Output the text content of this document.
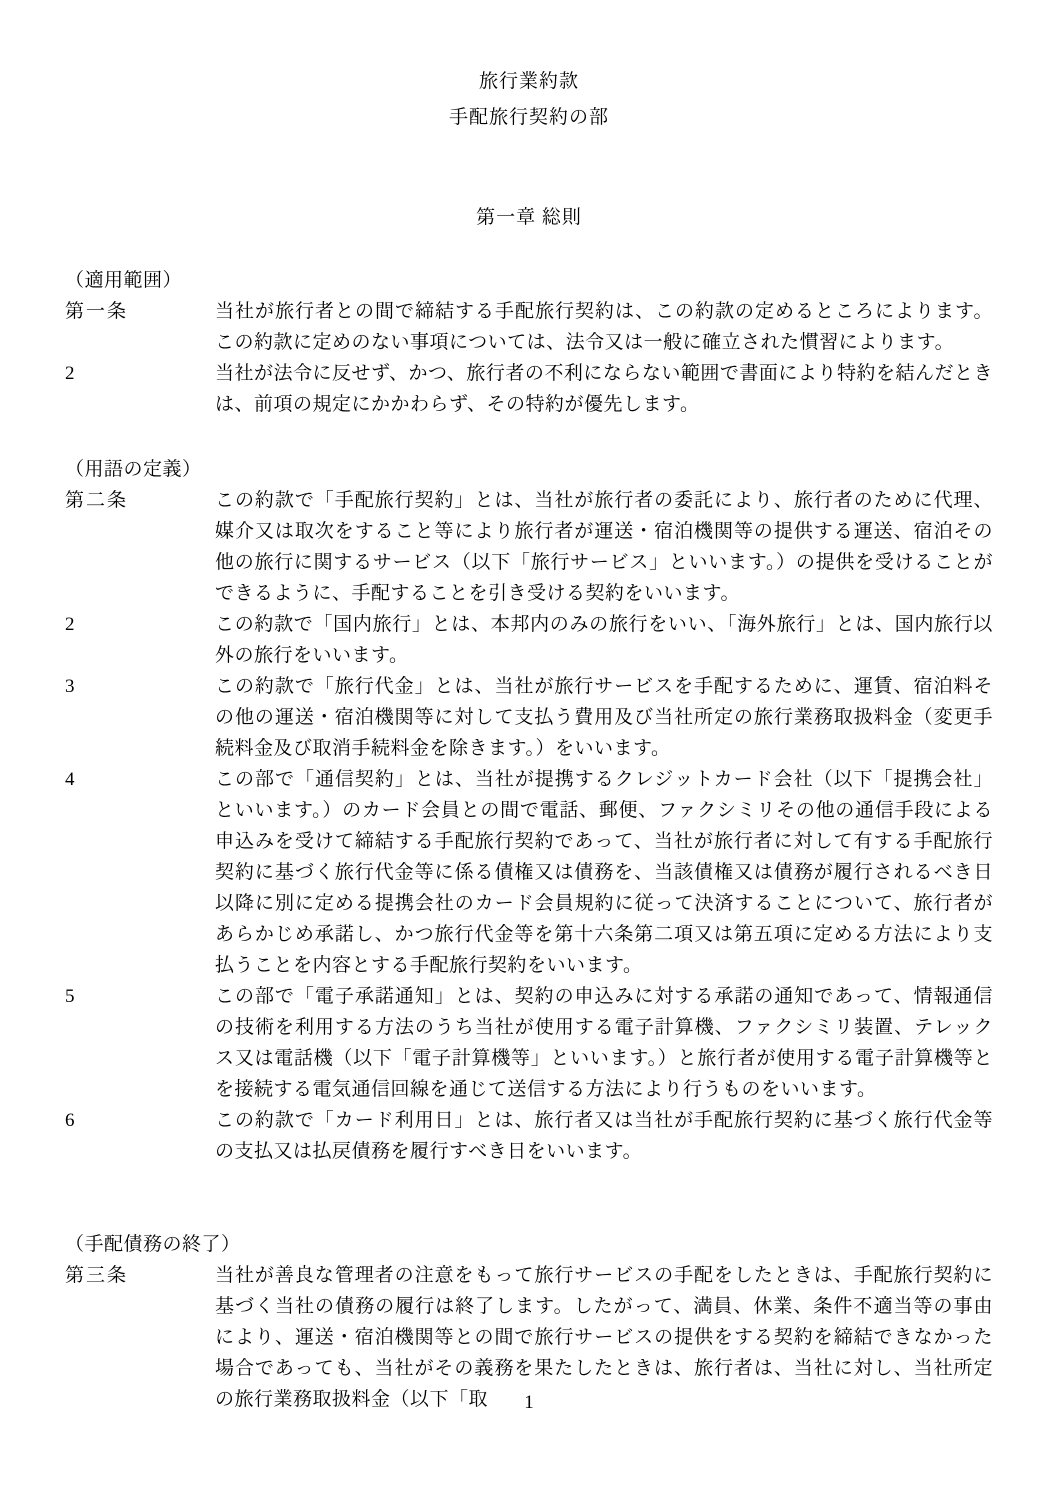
旅行業約款
手配旅行契約の部
第一章 総則
（適用範囲）
第一条	当社が旅行者との間で締結する手配旅行契約は、この約款の定めるところによります。この約款に定めのない事項については、法令又は一般に確立された慣習によります。
2	当社が法令に反せず、かつ、旅行者の不利にならない範囲で書面により特約を結んだときは、前項の規定にかかわらず、その特約が優先します。
（用語の定義）
第二条	この約款で「手配旅行契約」とは、当社が旅行者の委託により、旅行者のために代理、媒介又は取次をすること等により旅行者が運送・宿泊機関等の提供する運送、宿泊その他の旅行に関するサービス（以下「旅行サービス」といいます。）の提供を受けることができるように、手配することを引き受ける契約をいいます。
2	この約款で「国内旅行」とは、本邦内のみの旅行をいい、「海外旅行」とは、国内旅行以外の旅行をいいます。
3	この約款で「旅行代金」とは、当社が旅行サービスを手配するために、運賃、宿泊料その他の運送・宿泊機関等に対して支払う費用及び当社所定の旅行業務取扱料金（変更手続料金及び取消手続料金を除きます。）をいいます。
4	この部で「通信契約」とは、当社が提携するクレジットカード会社（以下「提携会社」といいます。）のカード会員との間で電話、郵便、ファクシミリその他の通信手段による申込みを受けて締結する手配旅行契約であって、当社が旅行者に対して有する手配旅行契約に基づく旅行代金等に係る債権又は債務を、当該債権又は債務が履行されるべき日以降に別に定める提携会社のカード会員規約に従って決済することについて、旅行者があらかじめ承諾し、かつ旅行代金等を第十六条第二項又は第五項に定める方法により支払うことを内容とする手配旅行契約をいいます。
5	この部で「電子承諾通知」とは、契約の申込みに対する承諾の通知であって、情報通信の技術を利用する方法のうち当社が使用する電子計算機、ファクシミリ装置、テレックス又は電話機（以下「電子計算機等」といいます。）と旅行者が使用する電子計算機等とを接続する電気通信回線を通じて送信する方法により行うものをいいます。
6	この約款で「カード利用日」とは、旅行者又は当社が手配旅行契約に基づく旅行代金等の支払又は払戻債務を履行すべき日をいいます。
（手配債務の終了）
第三条	当社が善良な管理者の注意をもって旅行サービスの手配をしたときは、手配旅行契約に基づく当社の債務の履行は終了します。したがって、満員、休業、条件不適当等の事由により、運送・宿泊機関等との間で旅行サービスの提供をする契約を締結できなかった場合であっても、当社がその義務を果たしたときは、旅行者は、当社に対し、当社所定の旅行業務取扱料金（以下「取	1
